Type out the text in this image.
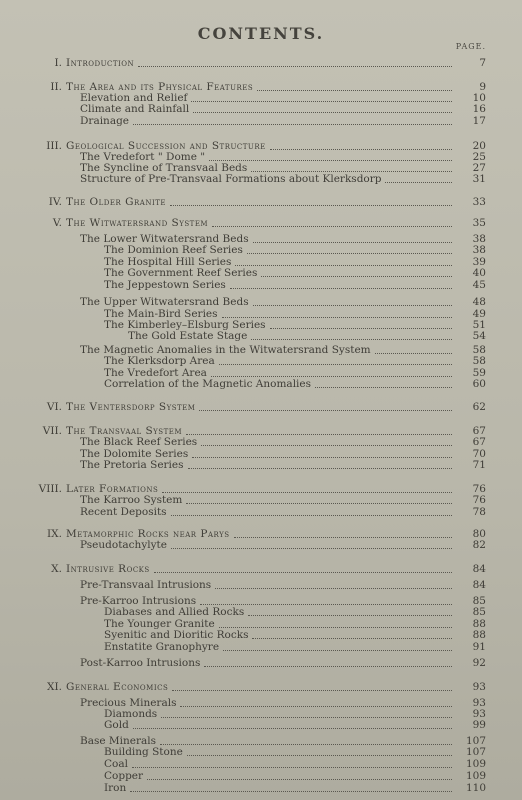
CONTENTS.
PAGE.
I. Introduction	7
II. The Area and its Physical Features	9
Elevation and Relief	10
Climate and Rainfall	16
Drainage	17
III. Geological Succession and Structure	20
The Vredefort " Dome "	25
The Syncline of Transvaal Beds	27
Structure of Pre-Transvaal Formations about Klerksdorp	31
IV. The Older Granite	33
V. The Witwatersrand System	35
The Lower Witwatersrand Beds	38
The Dominion Reef Series	38
The Hospital Hill Series	39
The Government Reef Series	40
The Jeppestown Series	45
The Upper Witwatersrand Beds	48
The Main-Bird Series	49
The Kimberley–Elsburg Series	51
The Gold Estate Stage	54
The Magnetic Anomalies in the Witwatersrand System	58
The Klerksdorp Area	58
The Vredefort Area	59
Correlation of the Magnetic Anomalies	60
VI. The Ventersdorp System	62
VII. The Transvaal System	67
The Black Reef Series	67
The Dolomite Series	70
The Pretoria Series	71
VIII. Later Formations	76
The Karroo System	76
Recent Deposits	78
IX. Metamorphic Rocks near Parys	80
Pseudotachylyte	82
X. Intrusive Rocks	84
Pre-Transvaal Intrusions	84
Pre-Karroo Intrusions	85
Diabases and Allied Rocks	85
The Younger Granite	88
Syenitic and Dioritic Rocks	88
Enstatite Granophyre	91
Post-Karroo Intrusions	92
XI. General Economics	93
Precious Minerals	93
Diamonds	93
Gold	99
Base Minerals	107
Building Stone	107
Coal	109
Copper	109
Iron	110
